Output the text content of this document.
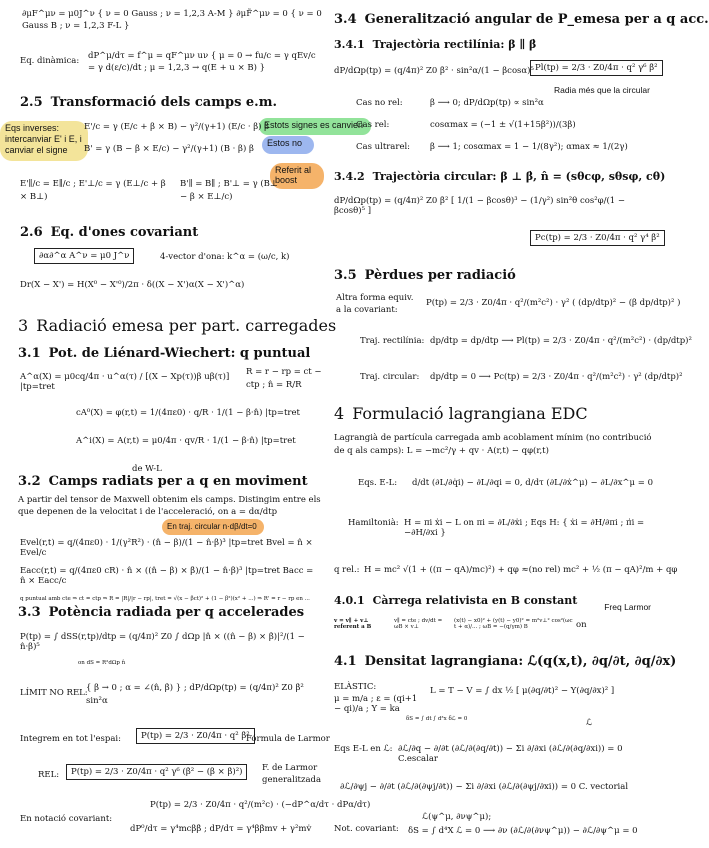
∂μF^μν = μ0J^ν { ν = 0 Gauss ; ν = 1,2,3 A-M } ∂μF̃^μν = 0 { ν = 0 Gauss B ; ν = 1,2,3 F-L }
Eq. dinàmica: dP^μ/dτ = f^μ = qF^μν uν { μ = 0 → fu/c = γ qEv/c = γ d(ε/c)/dt ; μ = 1,2,3 → q(E + u × B) }
2.5 Transformació dels camps e.m.
Eqs inverses: intercanviar E' i E, i canviar el signe
Estots signes es canvien
Estos no
Referit al boost
E'/c = γ (E/c + β × B) − γ²/(γ+1) (E/c · β) β
B' = γ (B − β × E/c) − γ²/(γ+1) (B · β) β
E'∥/c = E∥/c ; E'⊥/c = γ (E⊥/c + β × B⊥)
B'∥ = B∥ ; B'⊥ = γ (B⊥ − β × E⊥/c)
2.6 Eq. d'ones covariant
∂α∂^α A^ν = μ0 J^ν	4-vector d'ona: k^α = (ω/c, k)
Dr(X − X') = H(X⁰ − X'⁰)/2π · δ((X − X')α(X − X')^α)
3 Radiació emesa per part. carregades
3.1 Pot. de Liénard-Wiechert: q puntual
A^α(X) = μ0cq/4π · u^α(τ) / [(X − Xp(τ))β uβ(τ)] |tp=tret
R = r − rp = ct − ctp ; n̂ = R/R
cA⁰(X) = φ(r,t) = 1/(4πε0) · q/R · 1/(1 − β·n̂) |tp=tret
A^i(X) = A(r,t) = μ0/4π · qv/R · 1/(1 − β·n̂) |tp=tret
de W-L
3.2 Camps radiats per a q en moviment
A partir del tensor de Maxwell obtenim els camps. Distingim entre els que depenen de la velocitat i de l'acceleració, on a = dα/dtp
En traj. circular n·dβ/dt=0
Evel(r,t) = q/(4πε0) · 1/(γ²R²) · (n̂ − β)/(1 − n̂·β)³ |tp=tret Bvel = n̂ × Evel/c
Eacc(r,t) = q/(4πε0 cR) · n̂ × ((n̂ − β) × β̇)/(1 − n̂·β)³ |tp=tret Bacc = n̂ × Eacc/c
q puntual amb cte ⇒ ct = ctp ⇒ R = |R|/|r − rp|, tret = √(x − βct)² + (1 − β²)(x² + ...) ⇒ R' = r − rp en ...
3.3 Potència radiada per q accelerades
P(tp) = ∫ dSS(r,tp)/dtp = (q/4π)² Z0 ∫ dΩp |n̂ × ((n̂ − β) × β̇)|²/(1 − n̂·β)⁵
on dS = R²dΩp n̂
LÍMIT NO REL:
{ β → 0 ; α = ∠(n̂, β̇) } ; dP/dΩp(tp) = (q/4π)² Z0 β̇² sin²α
Integrem en tot l'espai:	P(tp) = 2/3 · Z0/4π · q² β̇²
Fórmula de Larmor
REL:	P(tp) = 2/3 · Z0/4π · q² γ⁶ (β̇² − (β × β̇)²)	F. de Larmor generalitzada
En notació covariant:
P(tp) = 2/3 · Z0/4π · q²/(m²c) · (−dP^α/dτ · dPα/dτ)
dP⁰/dτ = γ⁴mcββ̇ ; dP/dτ = γ⁴ββ̇mv + γ²mv̇
3.4 Generalització angular de P_emesa per a q acc.
3.4.1 Trajectòria rectilínia: β ∥ β̇
dP/dΩp(tp) = (q/4π)² Z0 β̇² · sin²α/(1 − βcosα)⁵ Pl(tp) = 2/3 · Z0/4π · q² γ⁶ β̇²
Radia més que la circular
Cas no rel:	β ⟶ 0; dP/dΩp(tp) ∝ sin²α
Cas rel:	cosαmax = (−1 ± √(1+15β²))/(3β)
Cas ultrarel: β ⟶ 1; cosαmax = 1 − 1/(8γ²); αmax ≈ 1/(2γ)
3.4.2 Trajectòria circular: β ⊥ β̇, n̂ = (sθcφ, sθsφ, cθ)
dP/dΩp(tp) = (q/4π)² Z0 β̇² [ 1/(1 − βcosθ)³ − (1/γ²) sin²θ cos²φ/(1 − βcosθ)⁵ ]
Pc(tp) = 2/3 · Z0/4π · q² γ⁴ β̇²
3.5 Pèrdues per radiació
Altra forma equiv. a la covariant:
P(tp) = 2/3 · Z0/4π · q²/(m²c²) · γ² ( (dp/dtp)² − (β dp/dtp)² )
Traj. rectilínia: dp/dtp = dp/dtp ⟶ Pl(tp) = 2/3 · Z0/4π · q²/(m²c²) · (dp/dtp)²
Traj. circular: dp/dtp = 0 ⟶ Pc(tp) = 2/3 · Z0/4π · q²/(m²c²) · γ² (dp/dtp)²
4 Formulació lagrangiana EDC
Lagrangià de partícula carregada amb acoblament mínim (no contribució de q als camps): L = −mc²/γ + qv · A(r,t) − qφ(r,t)
Eqs. E-L: d/dt (∂L/∂q̇i) − ∂L/∂qi = 0, d/dτ (∂L/∂ẋ^μ) − ∂L/∂x^μ = 0
Hamiltonià: H = πi ẋi − L on πi = ∂L/∂ẋi ; Eqs H: { ẋi = ∂H/∂πi ; π̇i = −∂H/∂xi }
q rel.: H = mc² √(1 + ((π − qA)/mc)²) + qφ ≈(no rel) mc² + ½ (π − qA)²/m + qφ
4.0.1 Càrrega relativista en B constant	Freq Larmor
v = v∥ + v⊥ referent a B
v∥ = cte ; dv/dt = ωB × v⊥
(x(t) − x0)² + (y(t) − y0)² = m²v⊥² cos²(ωc t + α)/... ; ωB = −(q/γm) B	on
4.1 Densitat lagrangiana: ℒ(q(x,t), ∂q/∂t, ∂q/∂x)
ELÀSTIC:
μ = m/a ; ε = (qi+1 − qi)/a ; Y = ka
L = T − V = ∫ dx ½ [ μ(∂q/∂t)² − Y(∂q/∂x)² ]
δS = ∫ dt ∫ d³x δℒ = 0	ℒ
Eqs E-L en ℒ: ∂ℒ/∂q − ∂/∂t (∂ℒ/∂(∂q/∂t)) − Σi ∂/∂xi (∂ℒ/∂(∂q/∂xi)) = 0 C.escalar
∂ℒ/∂ψj − ∂/∂t (∂ℒ/∂(∂ψj/∂t)) − Σi ∂/∂xi (∂ℒ/∂(∂ψj/∂xi)) = 0 C. vectorial
Not. covariant:
ℒ(ψ^μ, ∂νψ^μ);
δS = ∫ d⁴X ℒ = 0 ⟶ ∂ν (∂ℒ/∂(∂νψ^μ)) − ∂ℒ/∂ψ^μ = 0
